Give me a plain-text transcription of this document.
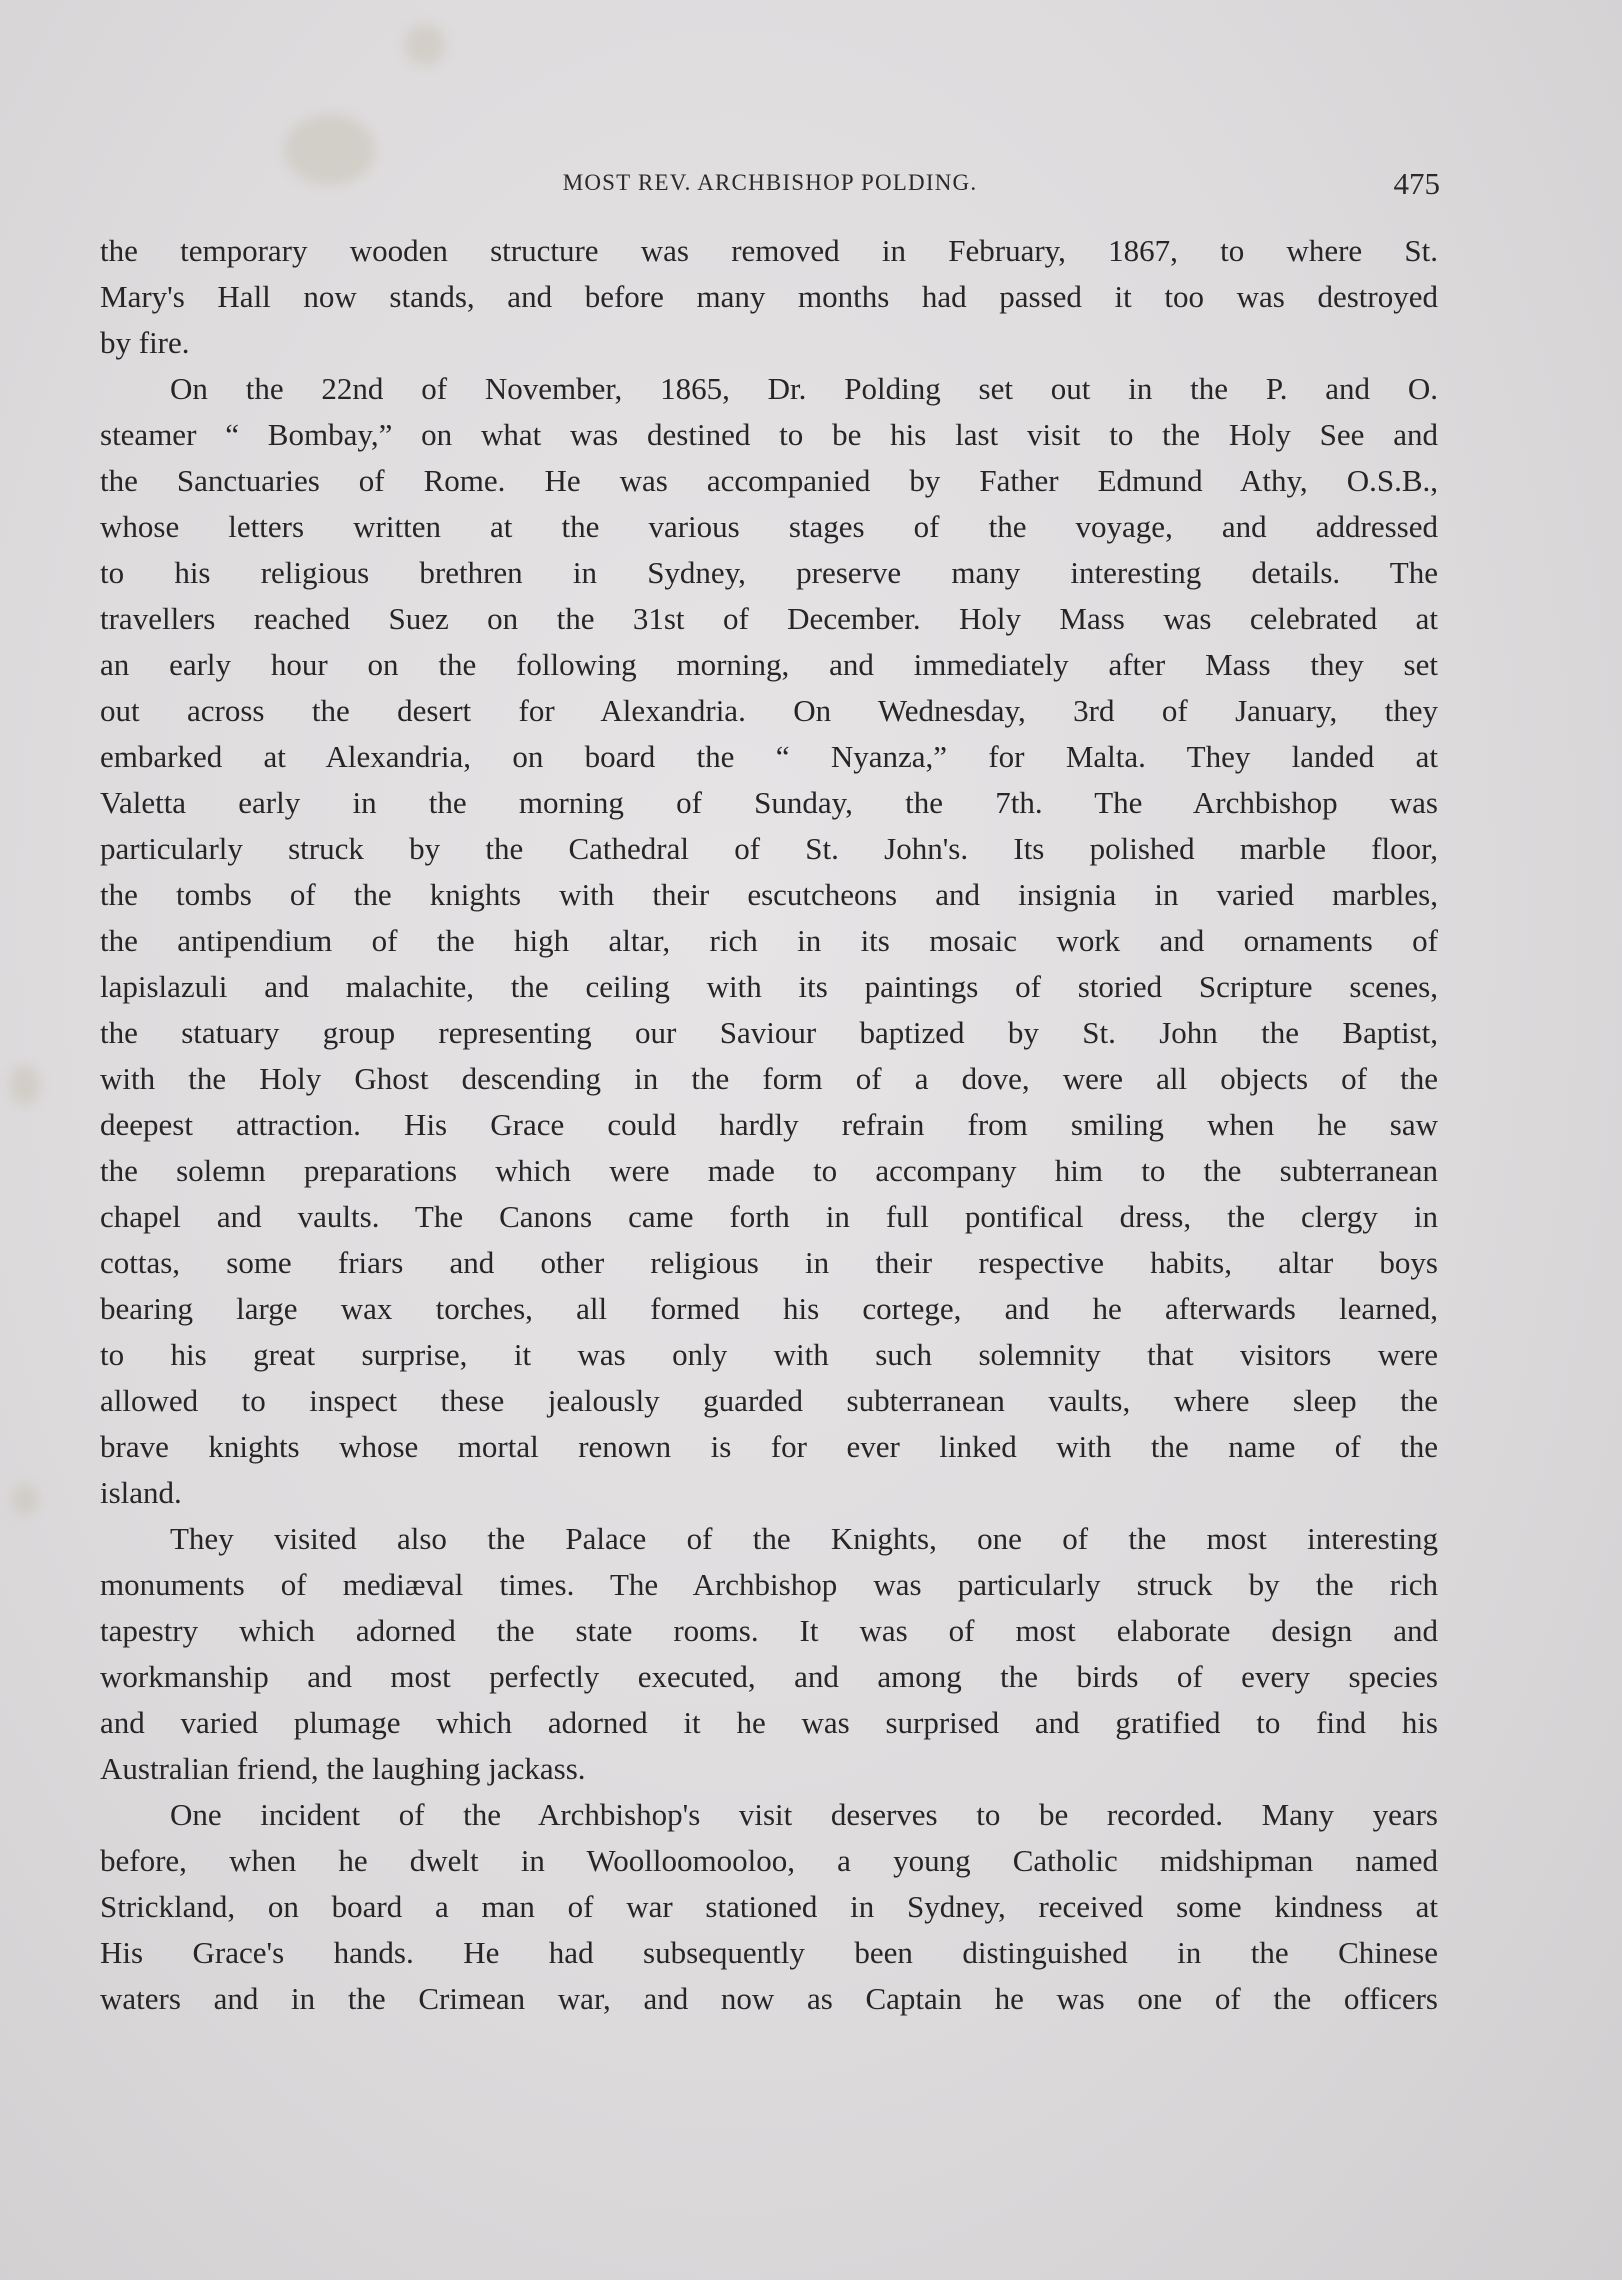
MOST REV. ARCHBISHOP POLDING.	475
the temporary wooden structure was removed in February, 1867, to where St.
Mary's Hall now stands, and before many months had passed it too was destroyed
by fire.
On the 22nd of November, 1865, Dr. Polding set out in the P. and O.
steamer “ Bombay,” on what was destined to be his last visit to the Holy See and
the Sanctuaries of Rome. He was accompanied by Father Edmund Athy, O.S.B.,
whose letters written at the various stages of the voyage, and addressed
to his religious brethren in Sydney, preserve many interesting details. The
travellers reached Suez on the 31st of December. Holy Mass was celebrated at
an early hour on the following morning, and immediately after Mass they set
out across the desert for Alexandria. On Wednesday, 3rd of January, they
embarked at Alexandria, on board the “ Nyanza,” for Malta. They landed at
Valetta early in the morning of Sunday, the 7th. The Archbishop was
particularly struck by the Cathedral of St. John's. Its polished marble floor,
the tombs of the knights with their escutcheons and insignia in varied marbles,
the antipendium of the high altar, rich in its mosaic work and ornaments of
lapislazuli and malachite, the ceiling with its paintings of storied Scripture scenes,
the statuary group representing our Saviour baptized by St. John the Baptist,
with the Holy Ghost descending in the form of a dove, were all objects of the
deepest attraction. His Grace could hardly refrain from smiling when he saw
the solemn preparations which were made to accompany him to the subterranean
chapel and vaults. The Canons came forth in full pontifical dress, the clergy in
cottas, some friars and other religious in their respective habits, altar boys
bearing large wax torches, all formed his cortege, and he afterwards learned,
to his great surprise, it was only with such solemnity that visitors were
allowed to inspect these jealously guarded subterranean vaults, where sleep the
brave knights whose mortal renown is for ever linked with the name of the
island.
They visited also the Palace of the Knights, one of the most interesting
monuments of mediæval times. The Archbishop was particularly struck by the rich
tapestry which adorned the state rooms. It was of most elaborate design and
workmanship and most perfectly executed, and among the birds of every species
and varied plumage which adorned it he was surprised and gratified to find his
Australian friend, the laughing jackass.
One incident of the Archbishop's visit deserves to be recorded. Many years
before, when he dwelt in Woolloomooloo, a young Catholic midshipman named
Strickland, on board a man of war stationed in Sydney, received some kindness at
His Grace's hands. He had subsequently been distinguished in the Chinese
waters and in the Crimean war, and now as Captain he was one of the officers
